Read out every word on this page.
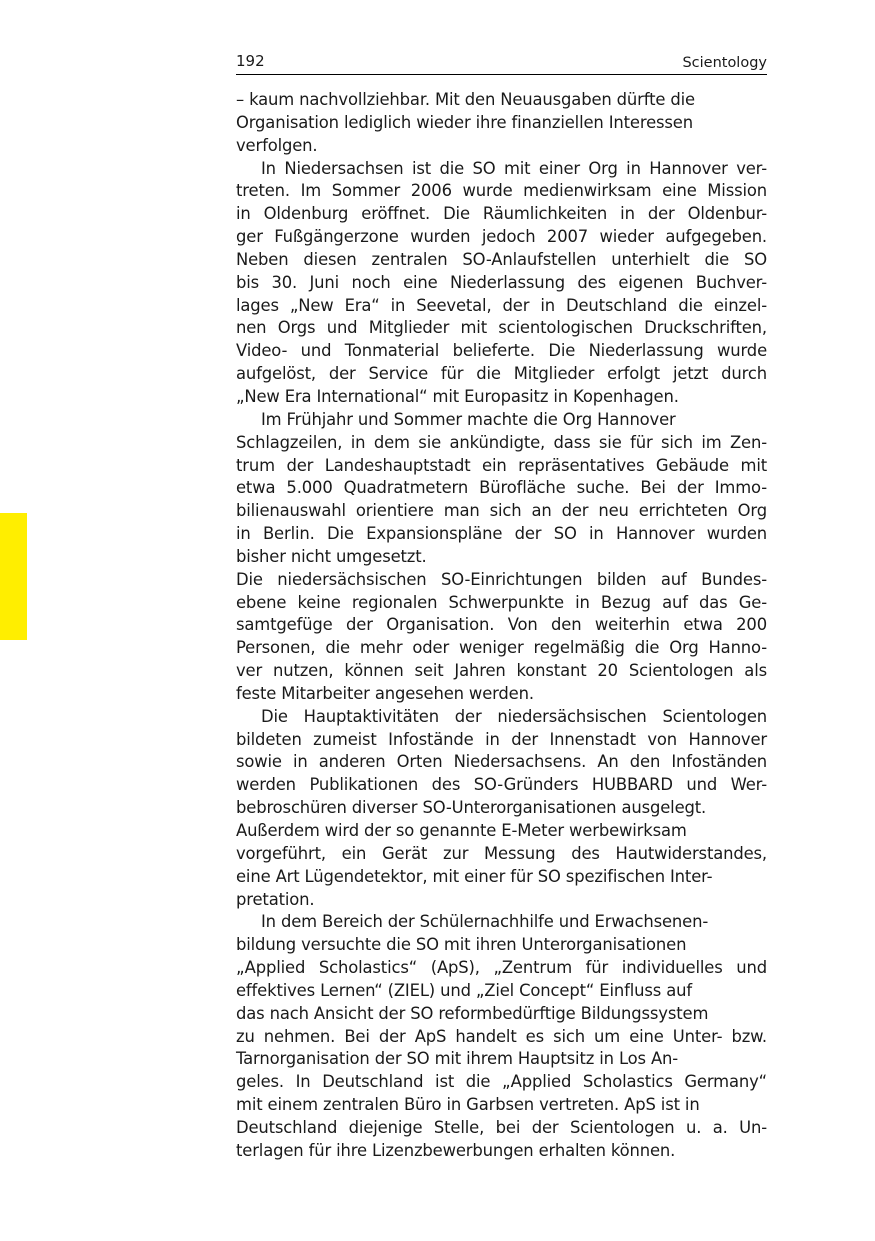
192	Scientology
– kaum nachvollziehbar. Mit den Neuausgaben dürfte die
Organisation lediglich wieder ihre finanziellen Interessen
verfolgen.
In Niedersachsen ist die SO mit einer Org in Hannover ver-
treten. Im Sommer 2006 wurde medienwirksam eine Mission
in Oldenburg eröffnet. Die Räumlichkeiten in der Oldenbur-
ger Fußgängerzone wurden jedoch 2007 wieder aufgegeben.
Neben diesen zentralen SO-Anlaufstellen unterhielt die SO
bis 30. Juni noch eine Niederlassung des eigenen Buchver-
lages „New Era“ in Seevetal, der in Deutschland die einzel-
nen Orgs und Mitglieder mit scientologischen Druckschriften,
Video- und Tonmaterial belieferte. Die Niederlassung wurde
aufgelöst, der Service für die Mitglieder erfolgt jetzt durch
„New Era International“ mit Europasitz in Kopenhagen.
Im Frühjahr und Sommer machte die Org Hannover
Schlagzeilen, in dem sie ankündigte, dass sie für sich im Zen-
trum der Landeshauptstadt ein repräsentatives Gebäude mit
etwa 5.000 Quadratmetern Bürofläche suche. Bei der Immo-
bilienauswahl orientiere man sich an der neu errichteten Org
in Berlin. Die Expansionspläne der SO in Hannover wurden
bisher nicht umgesetzt.
Die niedersächsischen SO-Einrichtungen bilden auf Bundes-
ebene keine regionalen Schwerpunkte in Bezug auf das Ge-
samtgefüge der Organisation. Von den weiterhin etwa 200
Personen, die mehr oder weniger regelmäßig die Org Hanno-
ver nutzen, können seit Jahren konstant 20 Scientologen als
feste Mitarbeiter angesehen werden.
Die Hauptaktivitäten der niedersächsischen Scientologen
bildeten zumeist Infostände in der Innenstadt von Hannover
sowie in anderen Orten Niedersachsens. An den Infoständen
werden Publikationen des SO-Gründers HUBBARD und Wer-
bebroschüren diverser SO-Unterorganisationen ausgelegt.
Außerdem wird der so genannte E-Meter werbewirksam
vorgeführt, ein Gerät zur Messung des Hautwiderstandes,
eine Art Lügendetektor, mit einer für SO spezifischen Inter-
pretation.
In dem Bereich der Schülernachhilfe und Erwachsenen-
bildung versuchte die SO mit ihren Unterorganisationen
„Applied Scholastics“ (ApS), „Zentrum für individuelles und
effektives Lernen“ (ZIEL) und „Ziel Concept“ Einfluss auf
das nach Ansicht der SO reformbedürftige Bildungssystem
zu nehmen. Bei der ApS handelt es sich um eine Unter- bzw.
Tarnorganisation der SO mit ihrem Hauptsitz in Los An-
geles. In Deutschland ist die „Applied Scholastics Germany“
mit einem zentralen Büro in Garbsen vertreten. ApS ist in
Deutschland diejenige Stelle, bei der Scientologen u. a. Un-
terlagen für ihre Lizenzbewerbungen erhalten können.
